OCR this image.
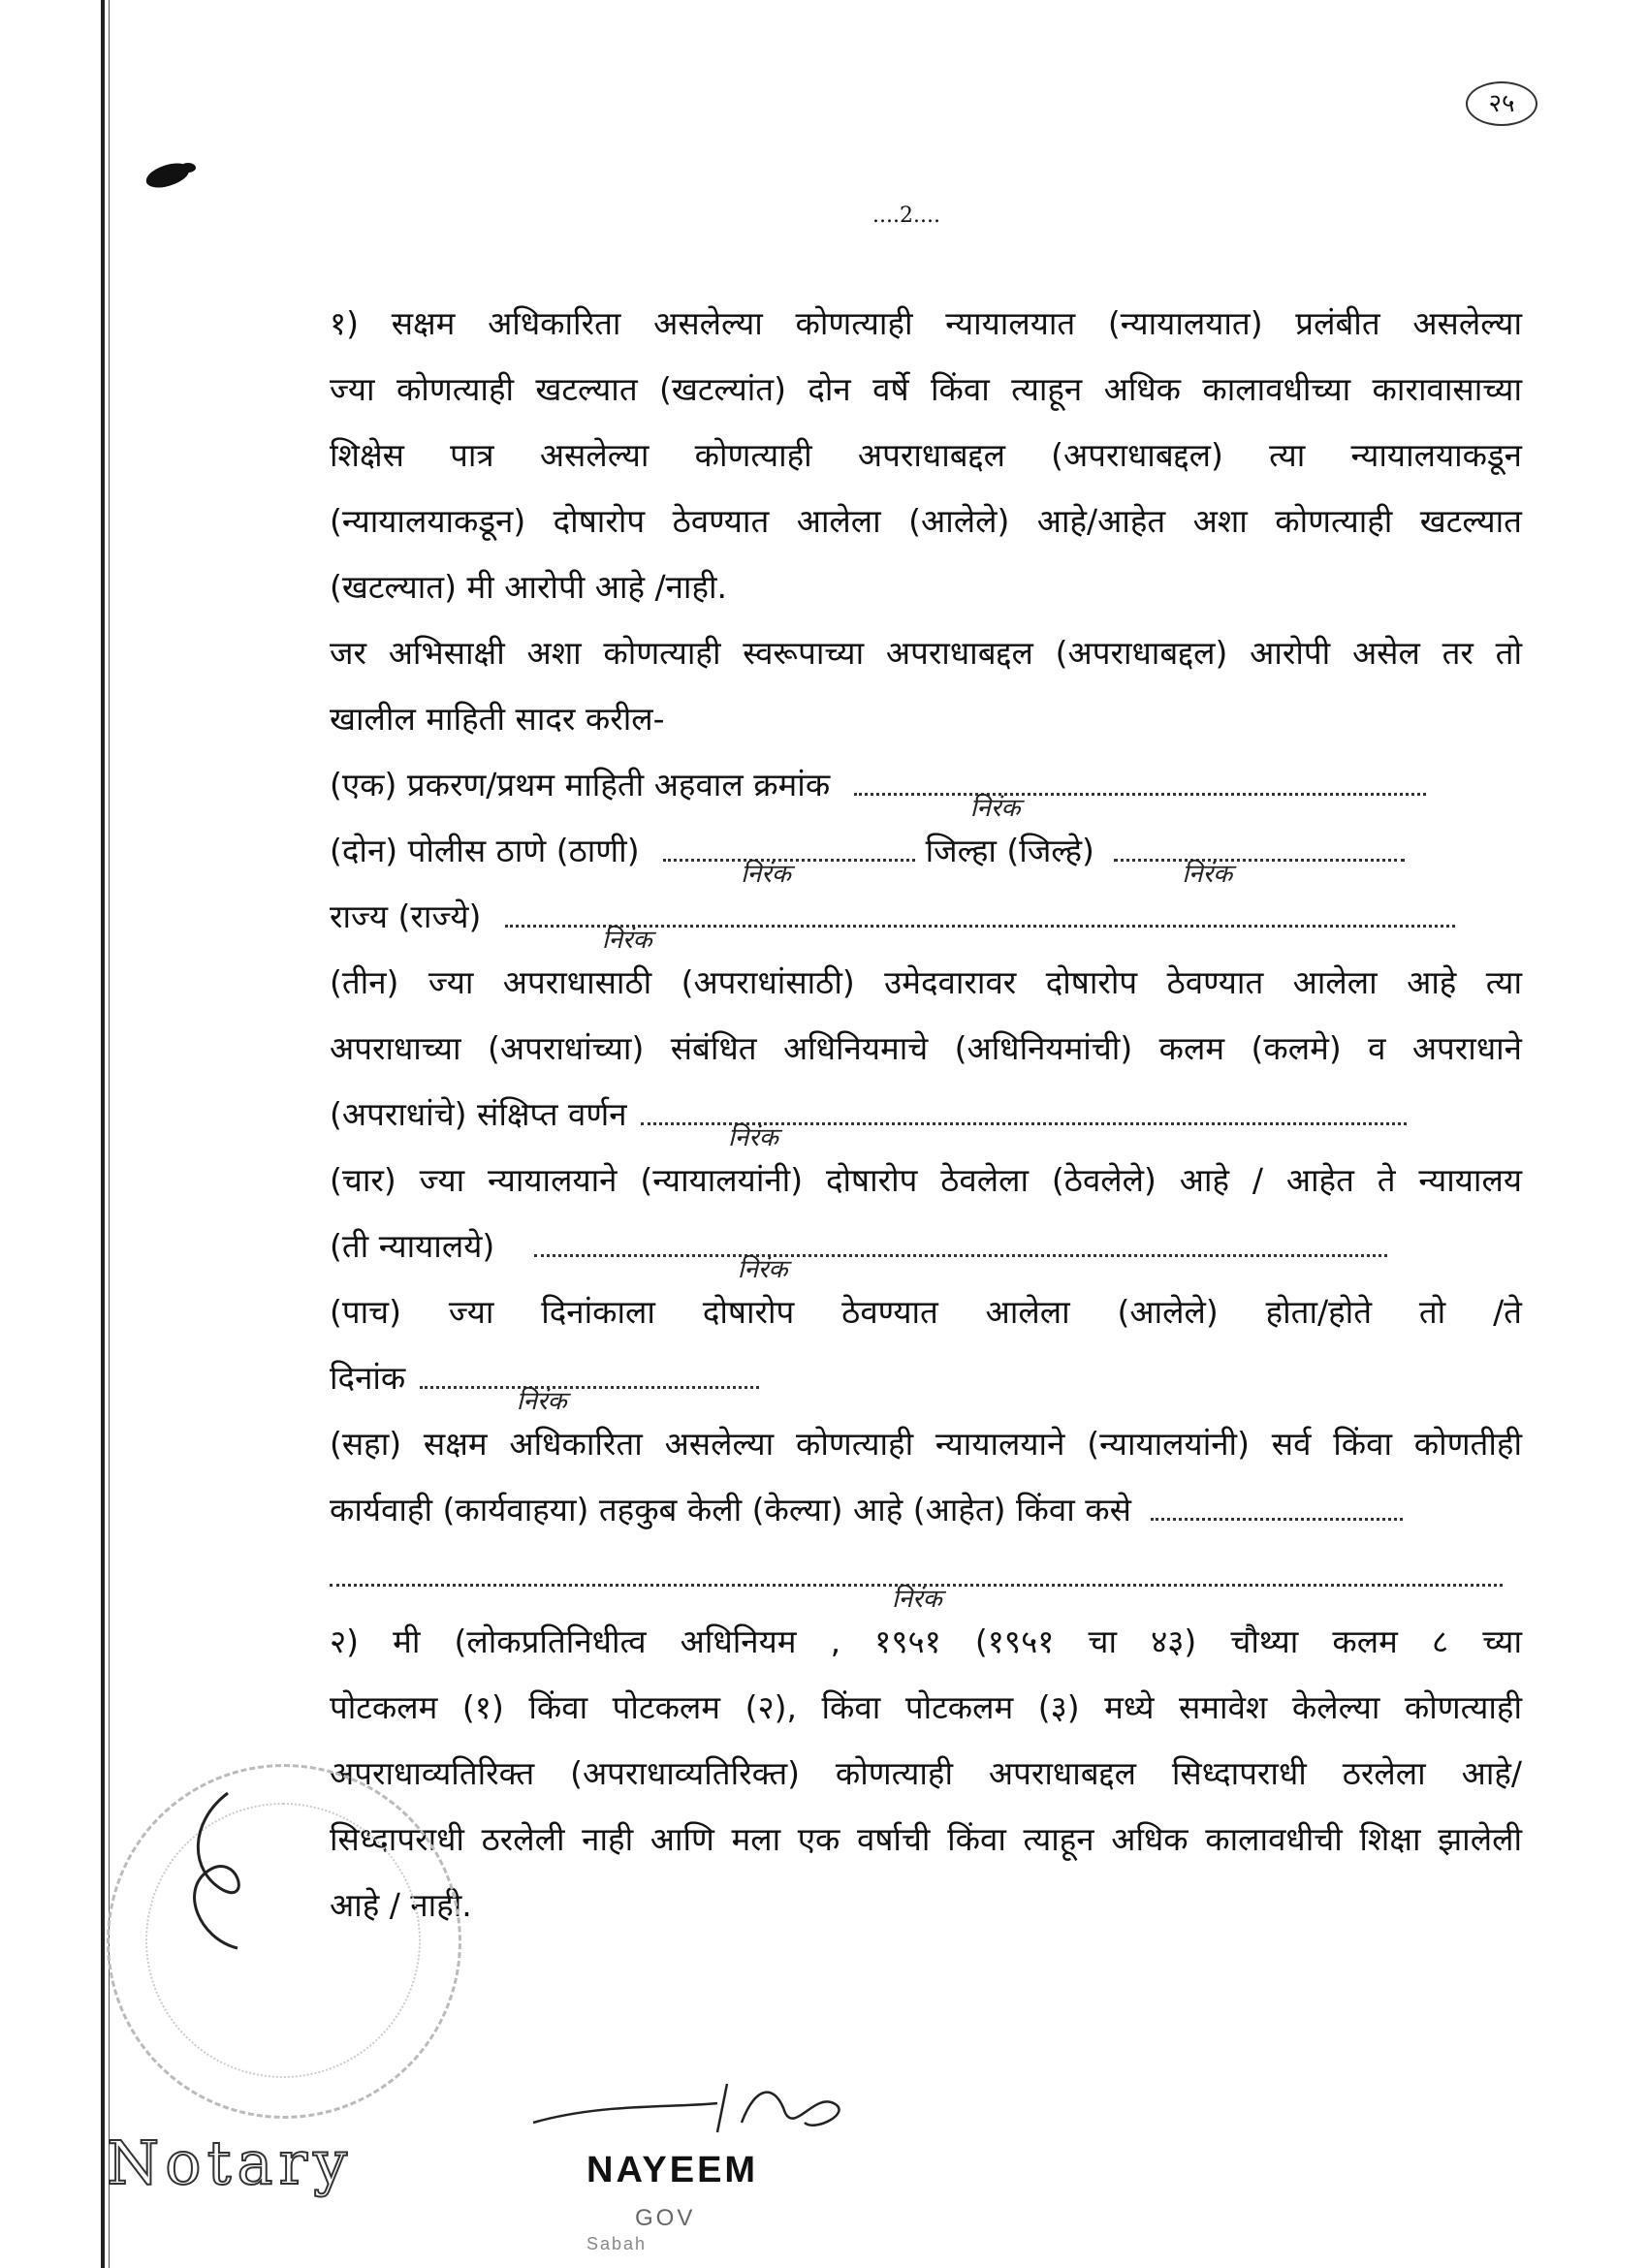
२५
....2....
१) सक्षम अधिकारिता असलेल्या कोणत्याही न्यायालयात (न्यायालयात) प्रलंबीत असलेल्या
ज्या कोणत्याही खटल्यात (खटल्यांत) दोन वर्षे किंवा त्याहून अधिक कालावधीच्या कारावासाच्या
शिक्षेस पात्र असलेल्या कोणत्याही अपराधाबद्दल (अपराधाबद्दल) त्या न्यायालयाकडून
(न्यायालयाकडून) दोषारोप ठेवण्यात आलेला (आलेले) आहे/आहेत अशा कोणत्याही खटल्यात
(खटल्यात) मी आरोपी आहे /नाही.
जर अभिसाक्षी अशा कोणत्याही स्वरूपाच्या अपराधाबद्दल (अपराधाबद्दल) आरोपी असेल तर तो
खालील माहिती सादर करील-
(एक) प्रकरण/प्रथम माहिती अहवाल क्रमांक
निरंक
(दोन) पोलीस ठाणे (ठाणी)
निरंक
जिल्हा (जिल्हे)
निरंक
राज्य (राज्ये)
निरंक
(तीन) ज्या अपराधासाठी (अपराधांसाठी) उमेदवारावर दोषारोप ठेवण्यात आलेला आहे त्या
अपराधाच्या (अपराधांच्या) संबंधित अधिनियमाचे (अधिनियमांची) कलम (कलमे) व अपराधाने
(अपराधांचे) संक्षिप्त वर्णन
निरंक
(चार) ज्या न्यायालयाने (न्यायालयांनी) दोषारोप ठेवलेला (ठेवलेले) आहे / आहेत ते न्यायालय
(ती न्यायालये)
निरंक
(पाच) ज्या दिनांकाला दोषारोप ठेवण्यात आलेला (आलेले) होता/होते तो /ते
दिनांक
निरंक
(सहा) सक्षम अधिकारिता असलेल्या कोणत्याही न्यायालयाने (न्यायालयांनी) सर्व किंवा कोणतीही
कार्यवाही (कार्यवाहया) तहकुब केली (केल्या) आहे (आहेत) किंवा कसे
निरंक
२) मी (लोकप्रतिनिधीत्व अधिनियम , १९५१ (१९५१ चा ४३) चौथ्या कलम ८ च्या
पोटकलम (१) किंवा पोटकलम (२), किंवा पोटकलम (३) मध्ये समावेश केलेल्या कोणत्याही
अपराधाव्यतिरिक्त (अपराधाव्यतिरिक्त) कोणत्याही अपराधाबद्दल सिध्दापराधी ठरलेला आहे/
सिध्दापराधी ठरलेली नाही आणि मला एक वर्षाची किंवा त्याहून अधिक कालावधीची शिक्षा झालेली
आहे / नाही.
Notary	NAYEEM
GOV
Sabah
